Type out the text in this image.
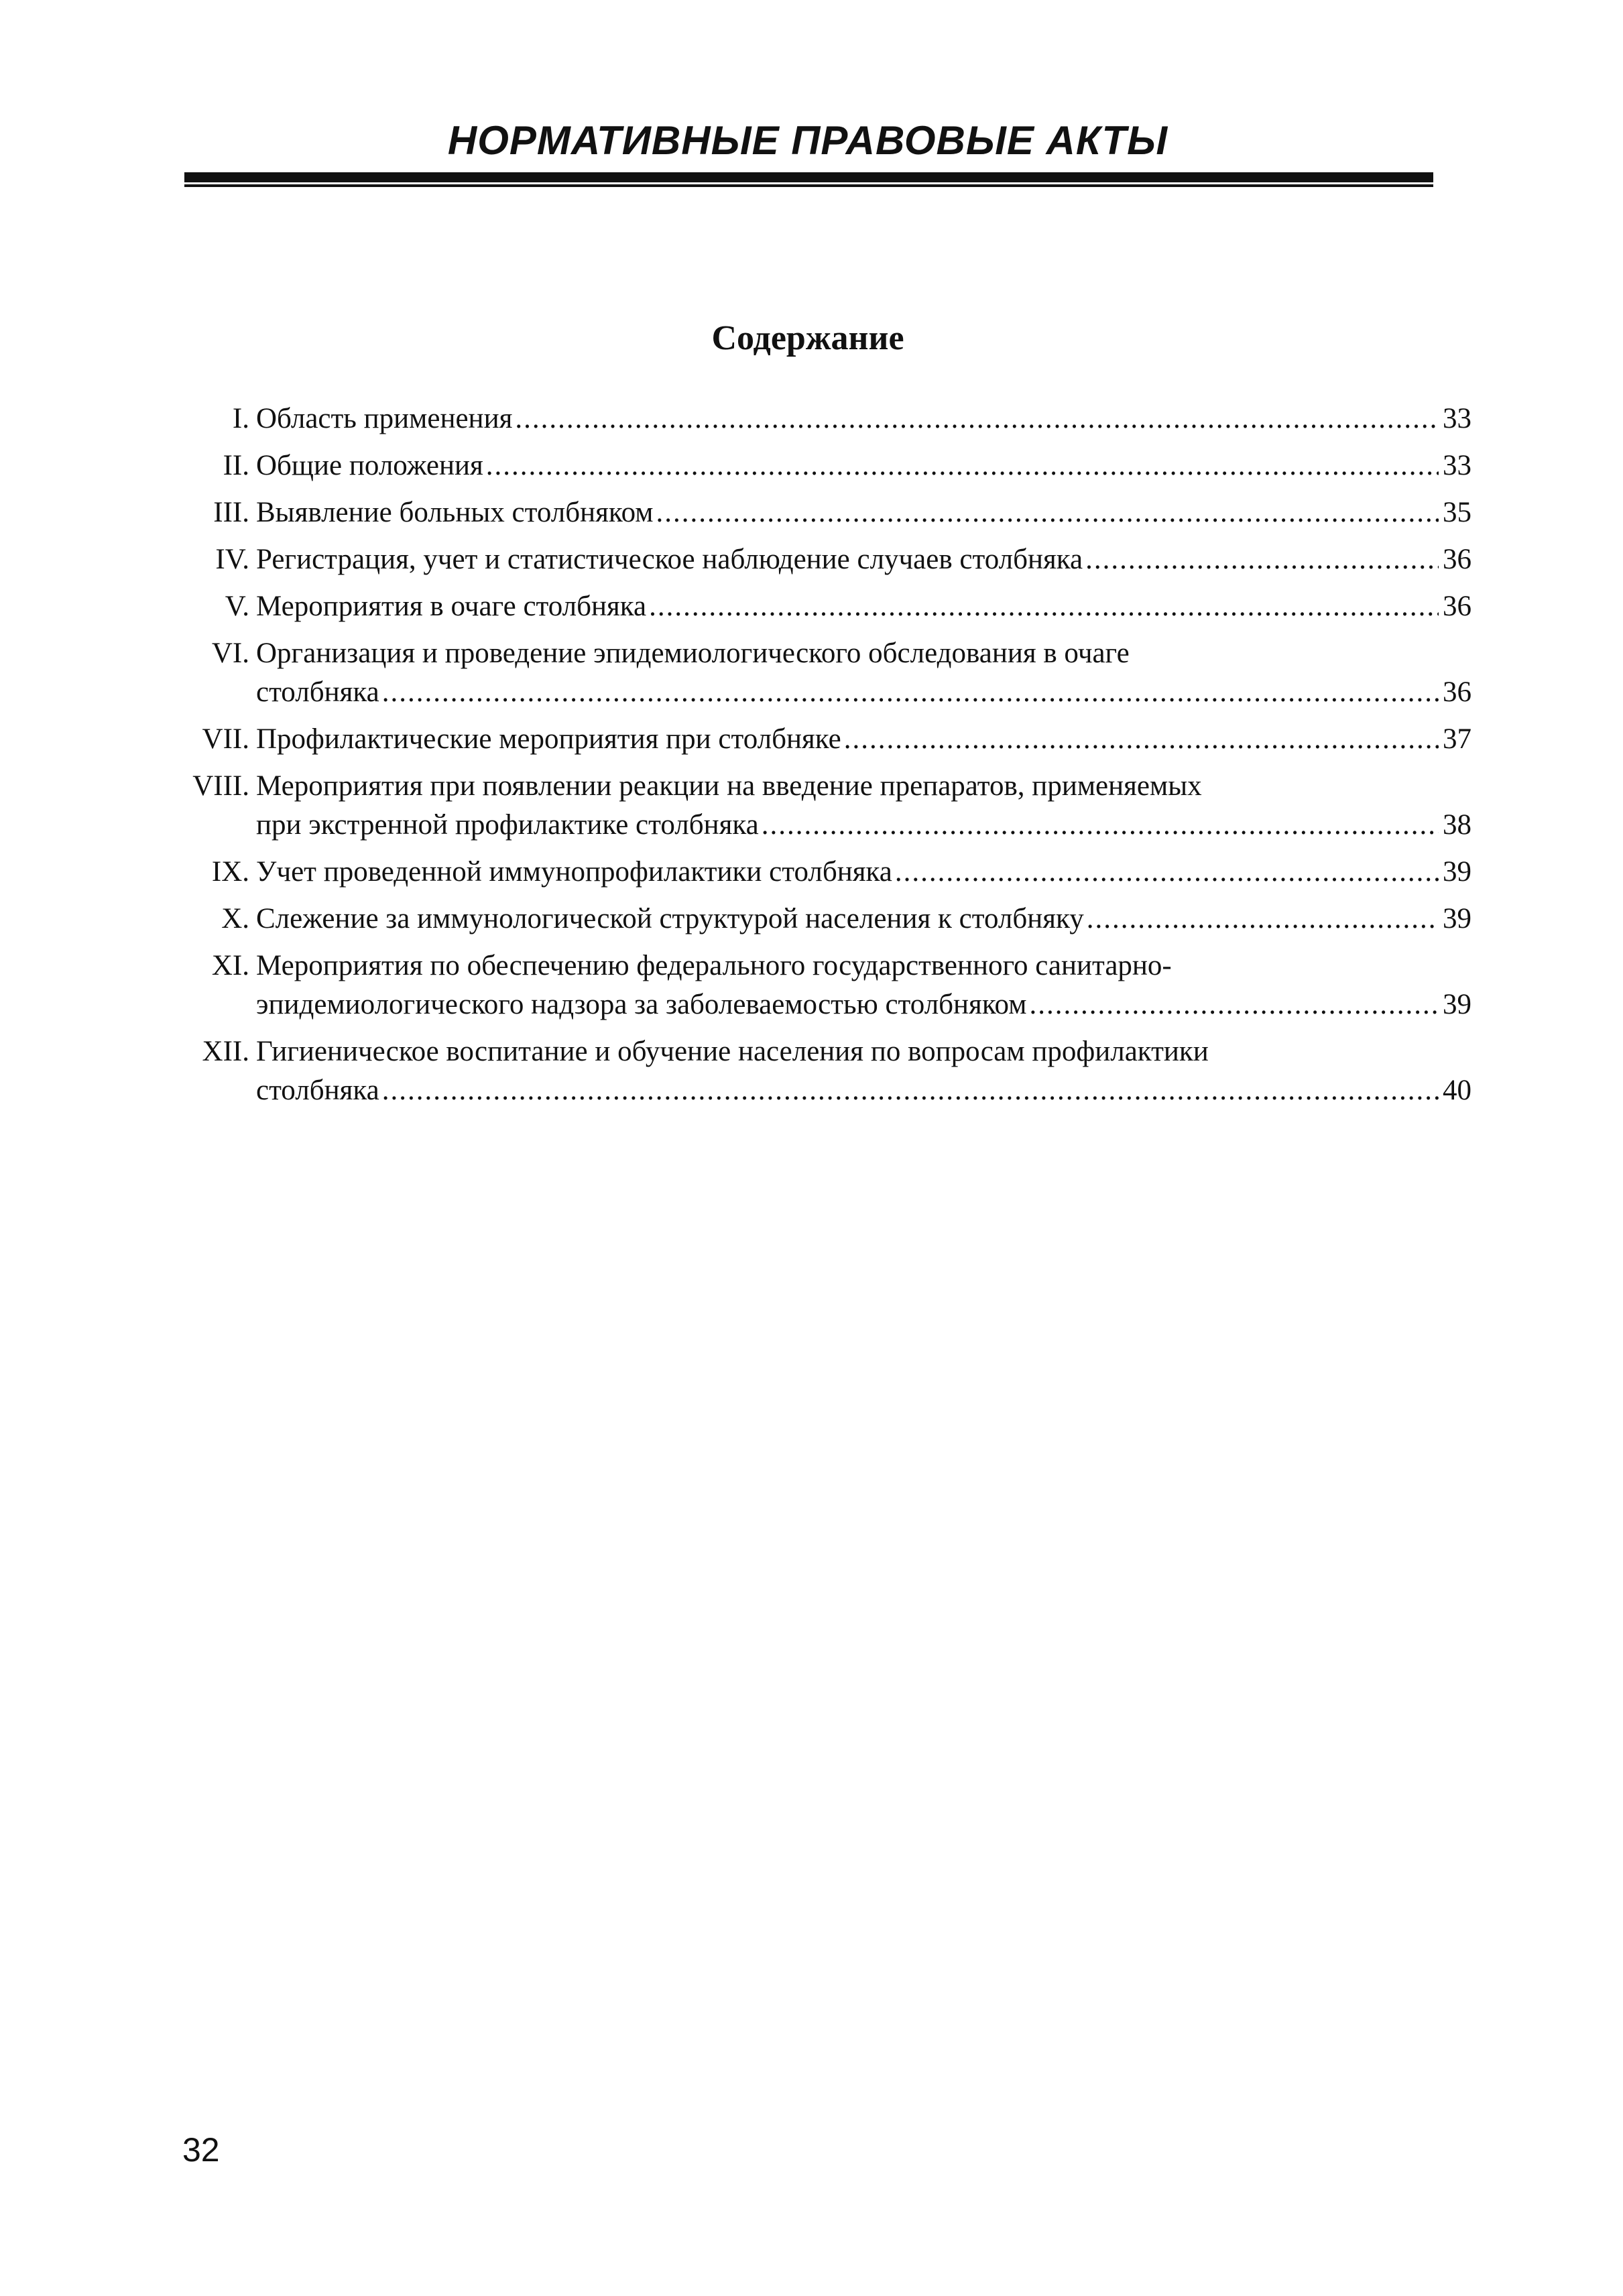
НОРМАТИВНЫЕ ПРАВОВЫЕ АКТЫ
Содержание
I. Область применения .....	33
II. Общие положения .....	33
III. Выявление больных столбняком .....	35
IV. Регистрация, учет и статистическое наблюдение случаев столбняка .....	36
V. Мероприятия в очаге столбняка .....	36
VI. Организация и проведение эпидемиологического обследования в очаге
столбняка .....	36
VII. Профилактические мероприятия при столбняке .....	37
VIII. Мероприятия при появлении реакции на введение препаратов, применяемых
при экстренной профилактике столбняка .....	38
IX. Учет проведенной иммунопрофилактики столбняка .....	39
X. Слежение за иммунологической структурой населения к столбняку .....	39
XI. Мероприятия по обеспечению федерального государственного санитарно-
эпидемиологического надзора за заболеваемостью столбняком .....	39
XII. Гигиеническое воспитание и обучение населения по вопросам профилактики
столбняка .....	40
32
